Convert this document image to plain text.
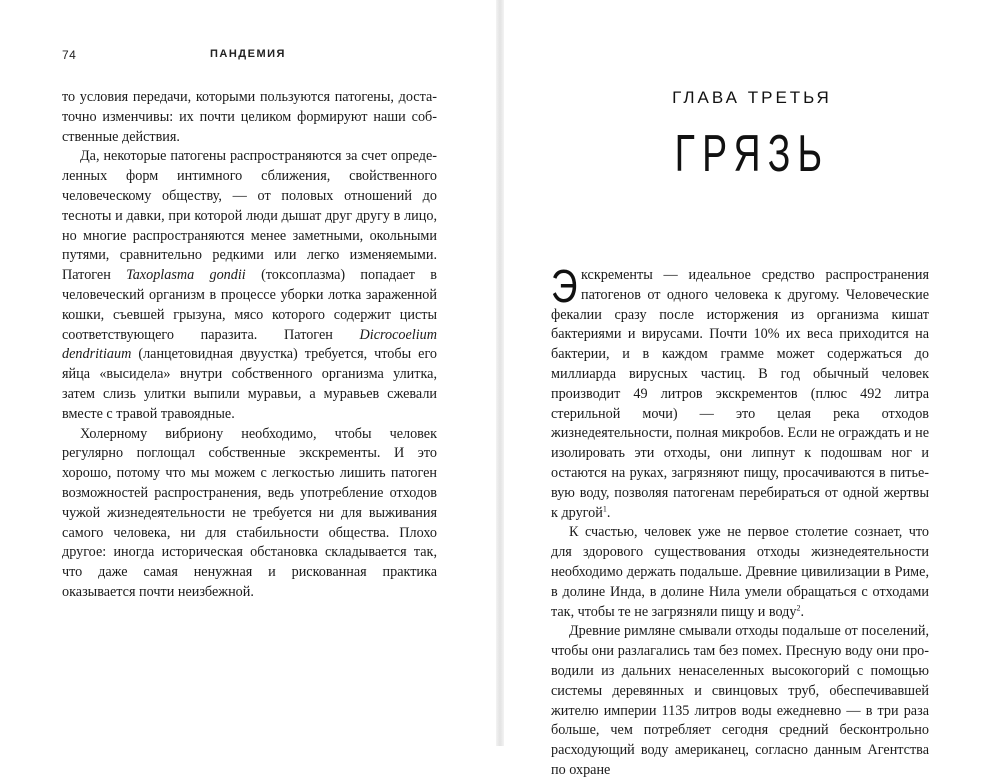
74	ПАНДЕМИЯ

то условия передачи, которыми пользуются патогены, достаточно изменчивы: их почти целиком формируют наши собственные действия.

Да, некоторые патогены распространяются за счет определенных форм интимного сближения, свойственного человеческому обществу, — от половых отношений до тесноты и давки, при которой люди дышат друг другу в лицо, но многие распространяются менее заметными, окольными путями, сравнительно редкими или легко изменяемыми. Патоген Taxoplasma gondii (токсоплазма) попадает в человеческий организм в процессе уборки лотка зараженной кошки, съевшей грызуна, мясо которого содержит цисты соответствующего паразита. Патоген Dicrocoelium dendritiaum (ланцетовидная двуустка) требуется, чтобы его яйца «высидела» внутри собственного организма улитка, затем слизь улитки выпили муравьи, а муравьев сжевали вместе с травой травоядные.

Холерному вибриону необходимо, чтобы человек регулярно поглощал собственные экскременты. И это хорошо, потому что мы можем с легкостью лишить патоген возможностей распространения, ведь употребление отходов чужой жизнедеятельности не требуется ни для выживания самого человека, ни для стабильности общества. Плохо другое: иногда историческая обстановка складывается так, что даже самая ненужная и рискованная практика оказывается почти неизбежной.

ГЛАВА ТРЕТЬЯ
ГРЯЗЬ

Экскременты — идеальное средство распространения патогенов от одного человека к другому. Человеческие фекалии сразу после исторжения из организма кишат бактериями и вирусами. Почти 10% их веса приходится на бактерии, и в каждом грамме может содержаться до миллиарда вирусных частиц. В год обычный человек производит 49 литров экскрементов (плюс 492 литра стерильной мочи) — это целая река отходов жизнедеятельности, полная микробов. Если не ограждать и не изолировать эти отходы, они липнут к подошвам ног и остаются на руках, загрязняют пищу, просачиваются в питьевую воду, позволяя патогенам перебираться от одной жертвы к другой$^1$.

К счастью, человек уже не первое столетие сознает, что для здорового существования отходы жизнедеятельности необходимо держать подальше. Древние цивилизации в Риме, в долине Инда, в долине Нила умели обращаться с отходами так, чтобы те не загрязняли пищу и воду$^2$.

Древние римляне смывали отходы подальше от поселений, чтобы они разлагались там без помех. Пресную воду они проводили из дальних ненаселенных высокогорий с помощью системы деревянных и свинцовых труб, обеспечивавшей жителю империи 1135 литров воды ежедневно — в три раза больше, чем потребляет сегодня средний бесконтрольно расходующий воду американец, согласно данным Агентства по охране
